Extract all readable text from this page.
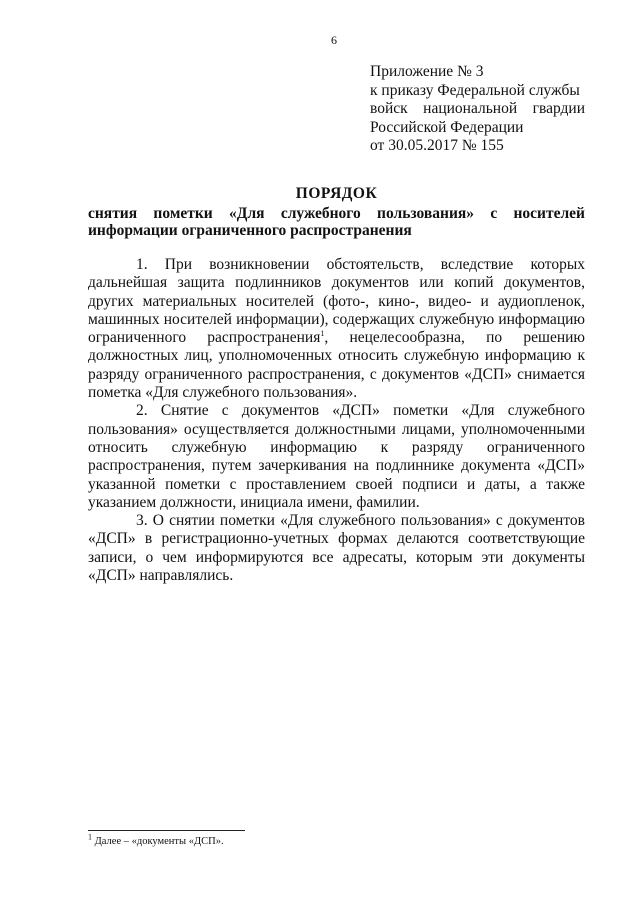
6
Приложение № 3
к приказу Федеральной службы
войск национальной гвардии
Российской Федерации
от 30.05.2017 № 155
ПОРЯДОК
снятия пометки «Для служебного пользования» с носителей
информации ограниченного распространения

1. При возникновении обстоятельств, вследствие которых дальнейшая защита подлинников документов или копий документов, других материальных носителей (фото-, кино-, видео- и аудиопленок, машинных носителей информации), содержащих служебную информацию ограниченного распространения$^1$, нецелесообразна, по решению должностных лиц, уполномоченных относить служебную информацию к разряду ограниченного распространения, с документов «ДСП» снимается пометка «Для служебного пользования».

2. Снятие с документов «ДСП» пометки «Для служебного пользования» осуществляется должностными лицами, уполномоченными относить служебную информацию к разряду ограниченного распространения, путем зачеркивания на подлиннике документа «ДСП» указанной пометки с проставлением своей подписи и даты, а также указанием должности, инициала имени, фамилии.

3. О снятии пометки «Для служебного пользования» с документов «ДСП» в регистрационно-учетных формах делаются соответствующие записи, о чем информируются все адресаты, которым эти документы «ДСП» направлялись.

$^1$ Далее – «документы «ДСП».
